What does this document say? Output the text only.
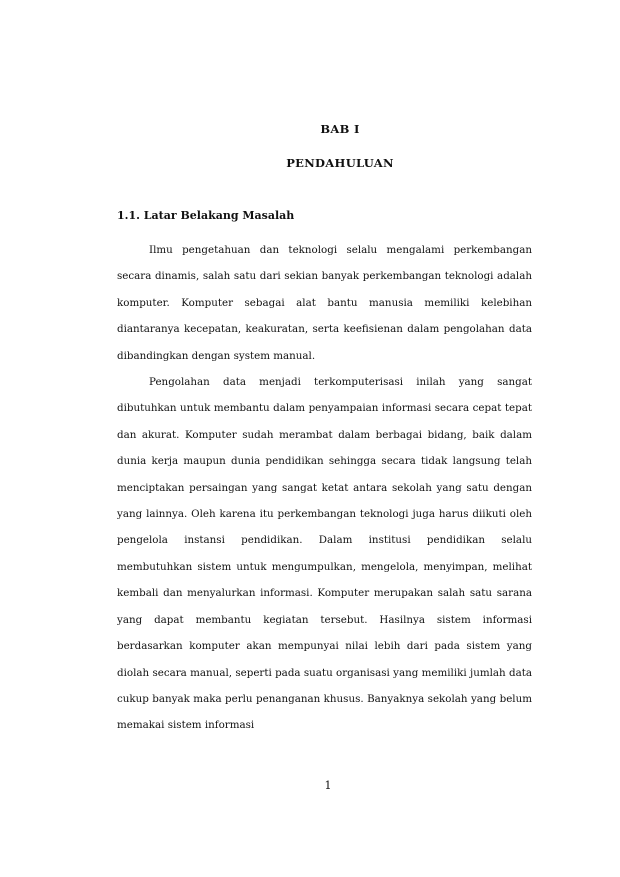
BAB I
PENDAHULUAN
1.1. Latar Belakang Masalah

Ilmu pengetahuan dan teknologi selalu mengalami perkembangan secara dinamis, salah satu dari sekian banyak perkembangan teknologi adalah komputer. Komputer sebagai alat bantu manusia memiliki kelebihan diantaranya kecepatan, keakuratan, serta keefisienan dalam pengolahan data dibandingkan dengan system manual.

Pengolahan data menjadi terkomputerisasi inilah yang sangat dibutuhkan untuk membantu dalam penyampaian informasi secara cepat tepat dan akurat. Komputer sudah merambat dalam berbagai bidang, baik dalam dunia kerja maupun dunia pendidikan sehingga secara tidak langsung telah menciptakan persaingan yang sangat ketat antara sekolah yang satu dengan yang lainnya. Oleh karena itu perkembangan teknologi juga harus diikuti oleh pengelola instansi pendidikan. Dalam institusi pendidikan selalu membutuhkan sistem untuk mengumpulkan, mengelola, menyimpan, melihat kembali dan menyalurkan informasi. Komputer merupakan salah satu sarana yang dapat membantu kegiatan tersebut. Hasilnya sistem informasi berdasarkan komputer akan mempunyai nilai lebih dari pada sistem yang diolah secara manual, seperti pada suatu organisasi yang memiliki jumlah data cukup banyak maka perlu penanganan khusus. Banyaknya sekolah yang belum memakai sistem informasi

1
